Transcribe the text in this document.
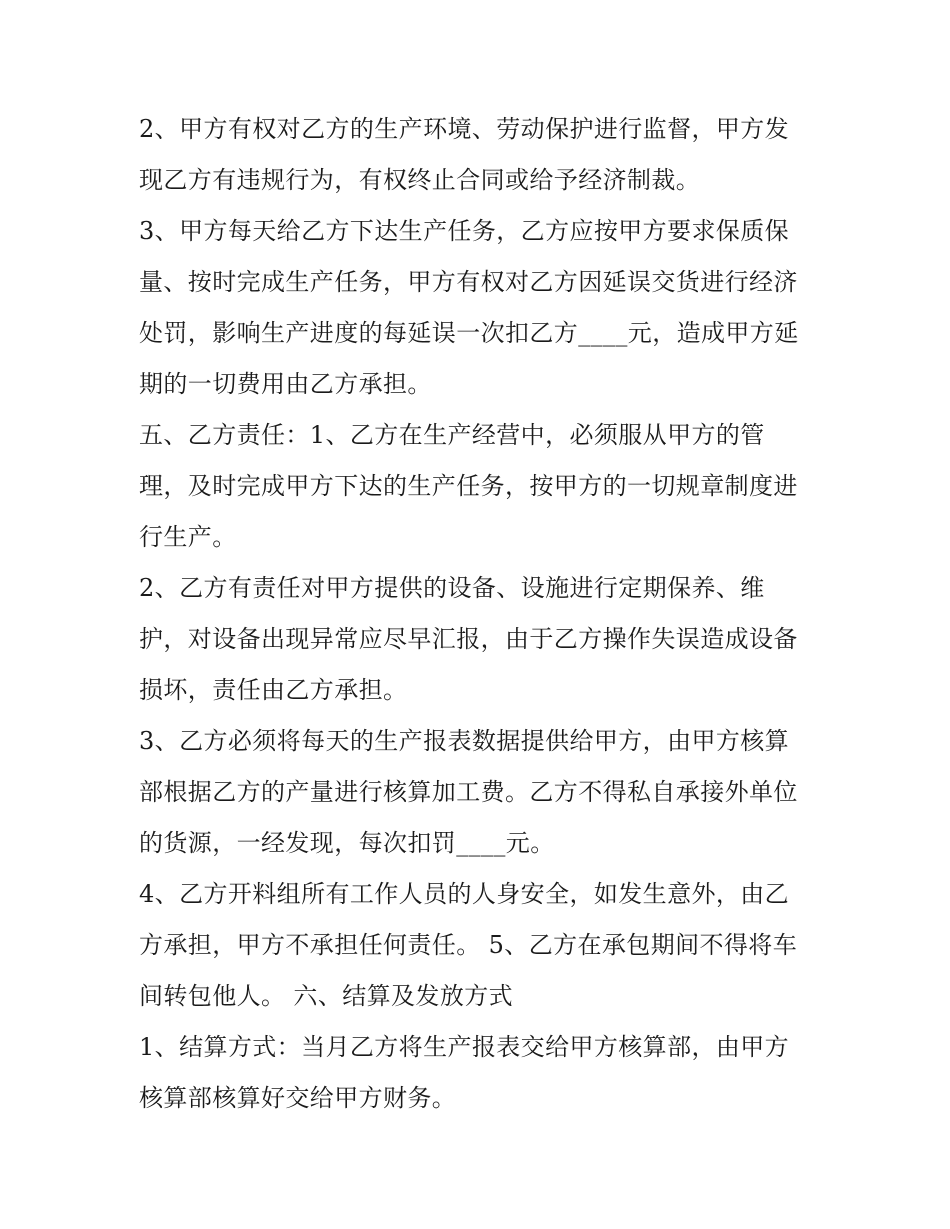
2、甲方有权对乙方的生产环境、劳动保护进行监督，甲方发
现乙方有违规行为，有权终止合同或给予经济制裁。

3、甲方每天给乙方下达生产任务，乙方应按甲方要求保质保
量、按时完成生产任务，甲方有权对乙方因延误交货进行经济
处罚，影响生产进度的每延误一次扣乙方____元，造成甲方延
期的一切费用由乙方承担。

五、乙方责任：1、乙方在生产经营中，必须服从甲方的管
理，及时完成甲方下达的生产任务，按甲方的一切规章制度进
行生产。

2、乙方有责任对甲方提供的设备、设施进行定期保养、维
护，对设备出现异常应尽早汇报，由于乙方操作失误造成设备
损坏，责任由乙方承担。

3、乙方必须将每天的生产报表数据提供给甲方，由甲方核算
部根据乙方的产量进行核算加工费。乙方不得私自承接外单位
的货源，一经发现，每次扣罚____元。

4、乙方开料组所有工作人员的人身安全，如发生意外，由乙
方承担，甲方不承担任何责任。 5、乙方在承包期间不得将车
间转包他人。 六、结算及发放方式

1、结算方式：当月乙方将生产报表交给甲方核算部，由甲方
核算部核算好交给甲方财务。
